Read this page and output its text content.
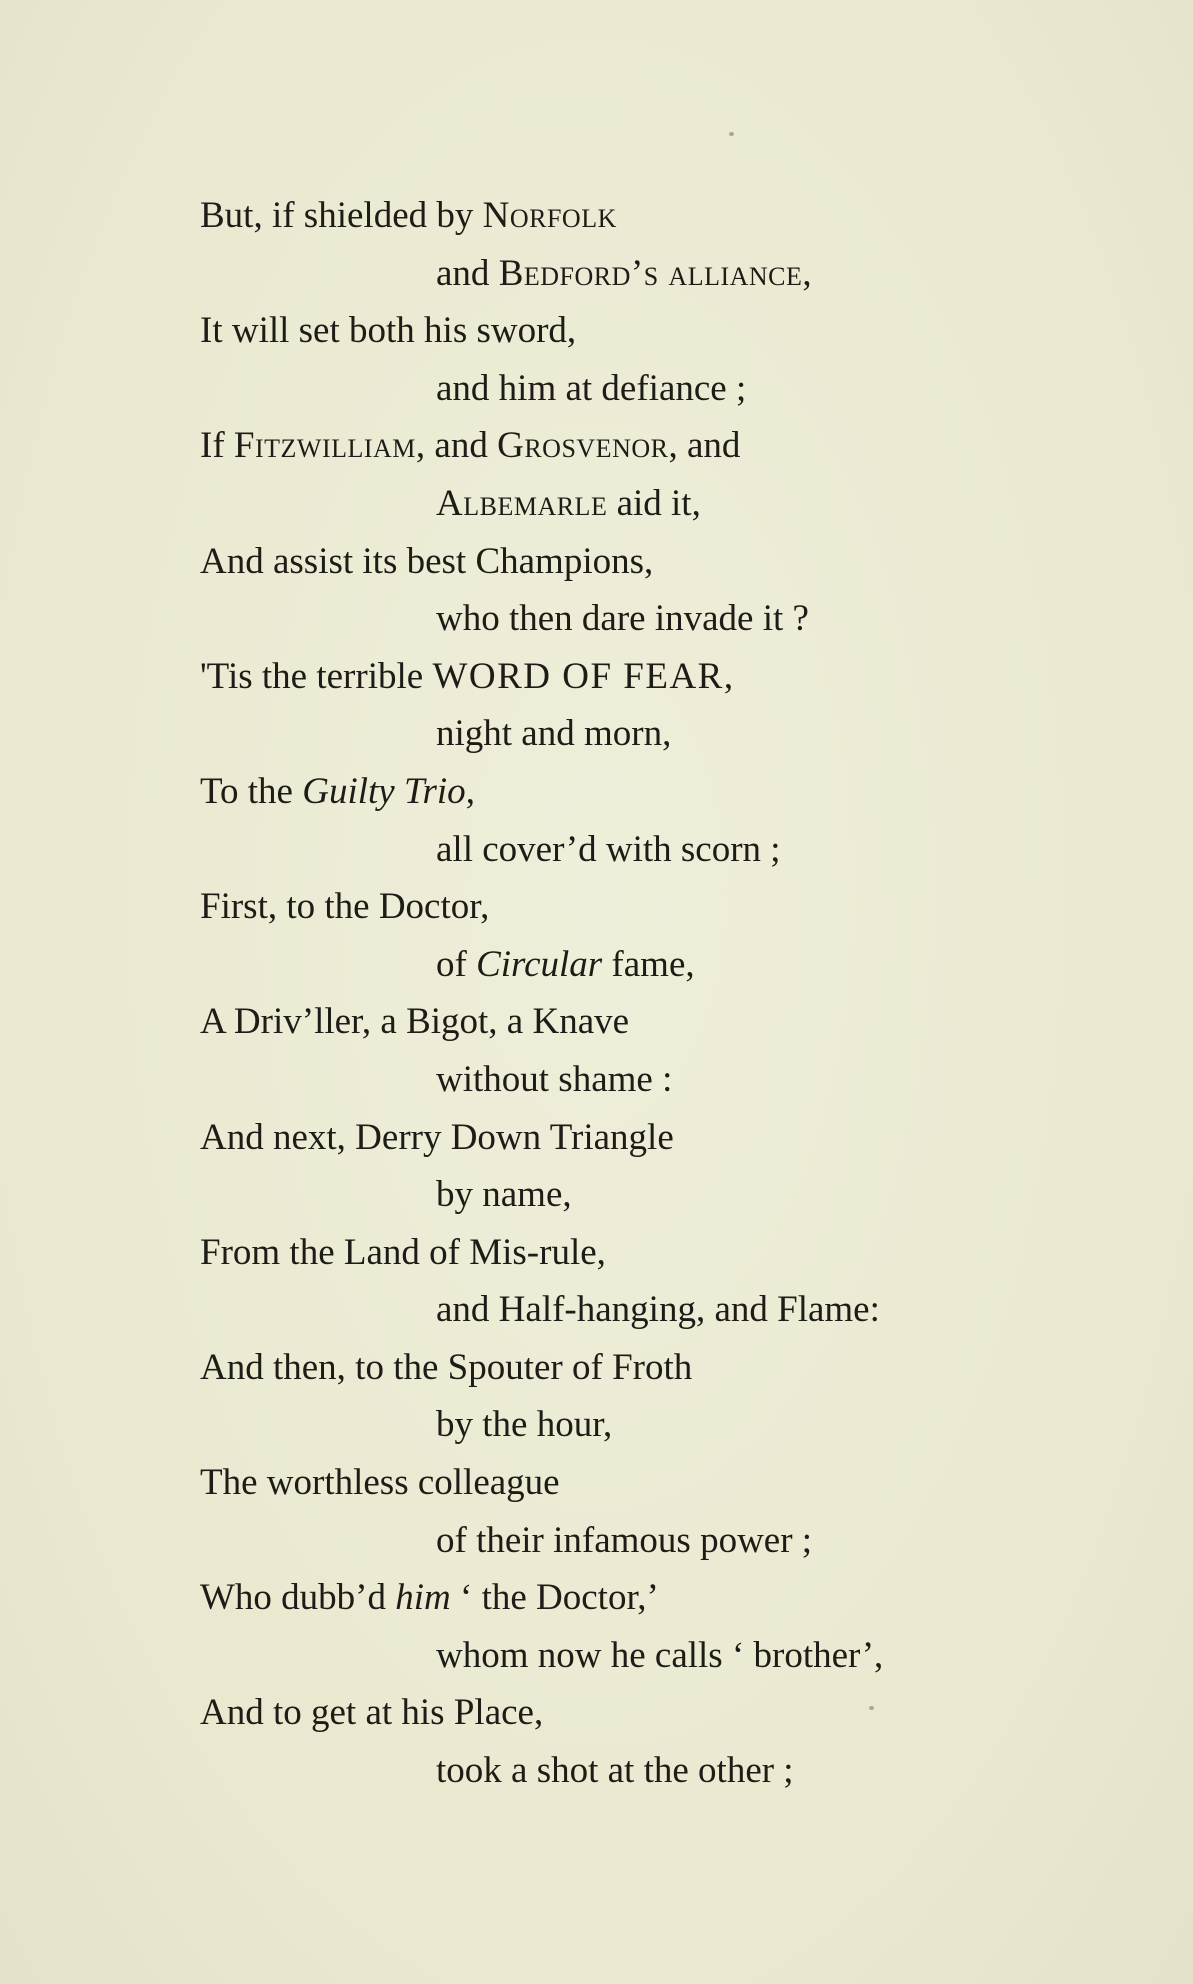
But, if shielded by Norfolk
and Bedford’s alliance,
It will set both his sword,
and him at defiance ;
If Fitzwilliam, and Grosvenor, and
Albemarle aid it,
And assist its best Champions,
who then dare invade it ?
'Tis the terrible WORD OF FEAR,
night and morn,
To the Guilty Trio,
all cover’d with scorn ;
First, to the Doctor,
of Circular fame,
A Driv’ller, a Bigot, a Knave
without shame :
And next, Derry Down Triangle
by name,
From the Land of Mis-rule,
and Half-hanging, and Flame:
And then, to the Spouter of Froth
by the hour,
The worthless colleague
of their infamous power ;
Who dubb’d him ‘ the Doctor,’
whom now he calls ‘ brother’,
And to get at his Place,
took a shot at the other ;
